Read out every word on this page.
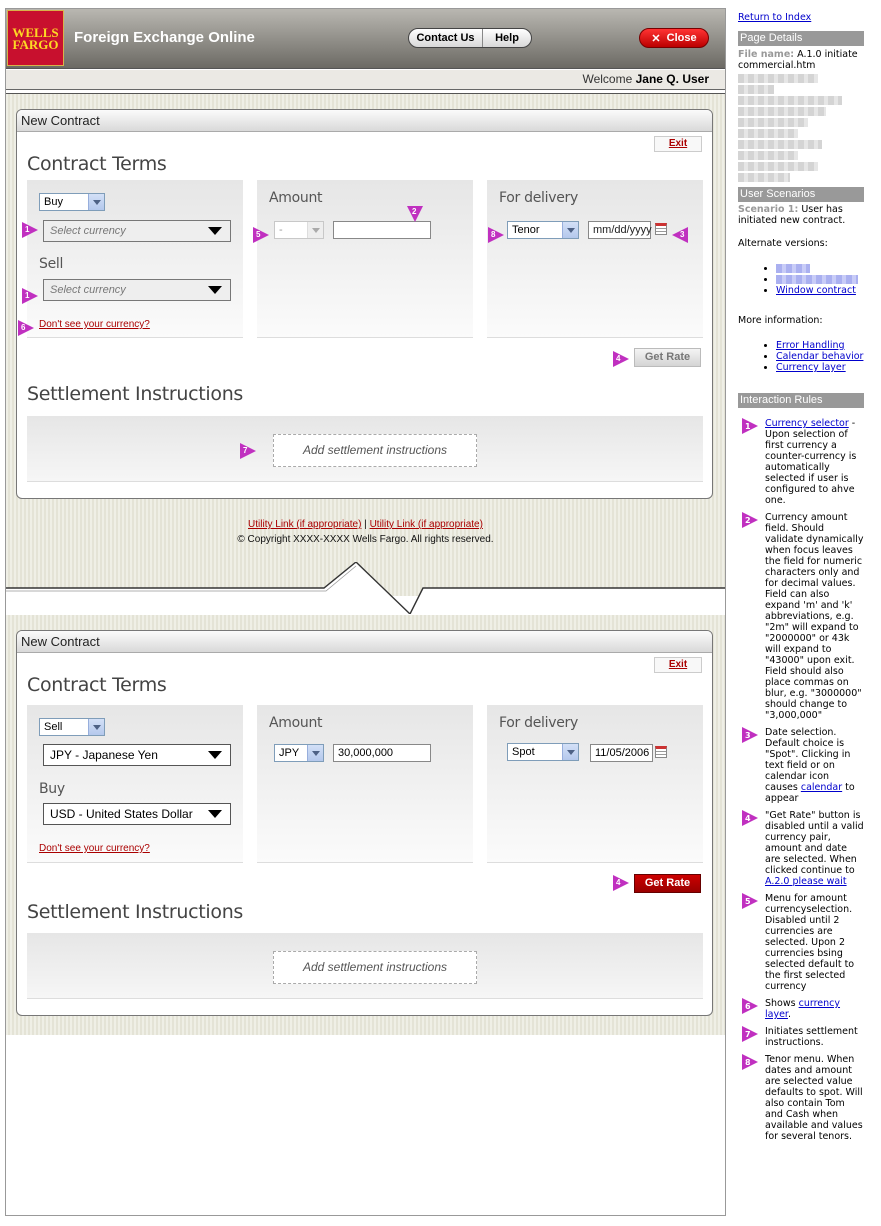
WELLS
FARGO	Foreign Exchange Online	Contact Us	Help	✕ Close
Welcome Jane Q. User
New Contract
Exit
Contract Terms
Buy
Select currency
Sell
Select currency
Don't see your currency?
Amount
-
For delivery
Tenor	mm/dd/yyyy
Get Rate
Settlement Instructions
Add settlement instructions
1
1
6
5
2
8	3
4
7
Utility Link (if appropriate) | Utility Link (if appropriate)
© Copyright XXXX-XXXX Wells Fargo. All rights reserved.
New Contract
Exit
Contract Terms
Sell
JPY - Japanese Yen
Buy
USD - United States Dollar
Don't see your currency?
Amount
JPY	30,000,000
For delivery
Spot	11/05/2006
Get Rate
4
Settlement Instructions
Add settlement instructions
Return to Index
Page Details
File name: A.1.0 initiate commercial.htm

User Scenarios
Scenario 1: User has initiated new contract.
Alternate versions:
•
•
• Window contract
More information:
• Error Handling
• Calendar behavior
• Currency layer
Interaction Rules
1 Currency selector - Upon selection of first currency a counter-currency is automatically selected if user is configured to ahve one.
2 Currency amount field. Should validate dynamically when focus leaves the field for numeric characters only and for decimal values. Field can also expand 'm' and 'k' abbreviations, e.g. "2m" will expand to "2000000" or 43k will expand to "43000" upon exit. Field should also place commas on blur, e.g. "3000000" should change to "3,000,000"
3 Date selection. Default choice is "Spot". Clicking in text field or on calendar icon causes calendar to appear
4 "Get Rate" button is disabled until a valid currency pair, amount and date are selected. When clicked continue to A.2.0 please wait
5 Menu for amount currencyselection. Disabled until 2 currencies are selected. Upon 2 currencies bsing selected default to the first selected currency
6 Shows currency layer.
7 Initiates settlement instructions.
8 Tenor menu. When dates and amount are selected value defaults to spot. Will also contain Tom and Cash when available and values for several tenors.
